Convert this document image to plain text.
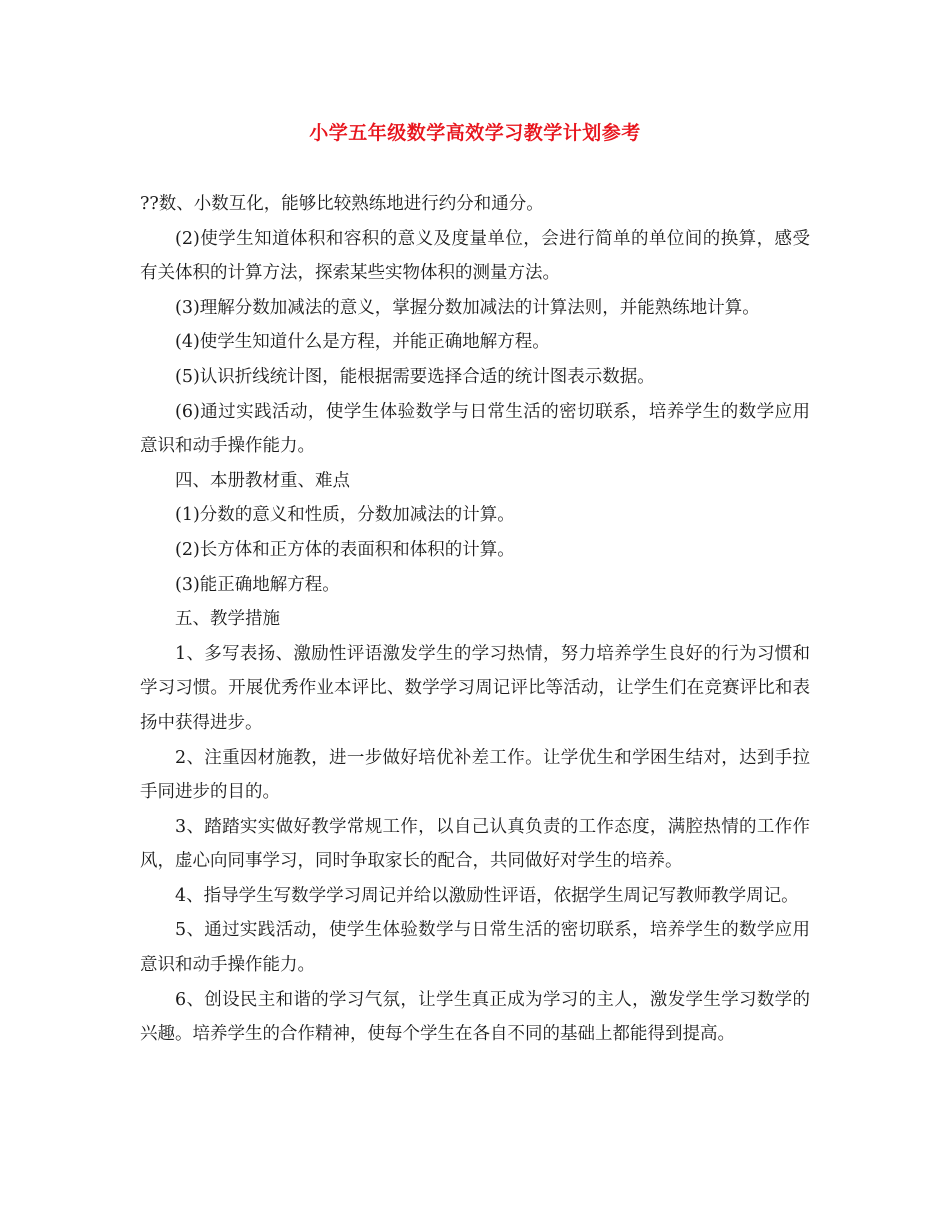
小学五年级数学高效学习教学计划参考

??数、小数互化，能够比较熟练地进行约分和通分。

(2)使学生知道体积和容积的意义及度量单位，会进行简单的单位间的换算，感受有关体积的计算方法，探索某些实物体积的测量方法。

(3)理解分数加减法的意义，掌握分数加减法的计算法则，并能熟练地计算。

(4)使学生知道什么是方程，并能正确地解方程。

(5)认识折线统计图，能根据需要选择合适的统计图表示数据。

(6)通过实践活动，使学生体验数学与日常生活的密切联系，培养学生的数学应用意识和动手操作能力。

四、本册教材重、难点

(1)分数的意义和性质，分数加减法的计算。

(2)长方体和正方体的表面积和体积的计算。

(3)能正确地解方程。

五、教学措施

1、多写表扬、激励性评语激发学生的学习热情，努力培养学生良好的行为习惯和学习习惯。开展优秀作业本评比、数学学习周记评比等活动，让学生们在竞赛评比和表扬中获得进步。

2、注重因材施教，进一步做好培优补差工作。让学优生和学困生结对，达到手拉手同进步的目的。

3、踏踏实实做好教学常规工作，以自己认真负责的工作态度，满腔热情的工作作风，虚心向同事学习，同时争取家长的配合，共同做好对学生的培养。

4、指导学生写数学学习周记并给以激励性评语，依据学生周记写教师教学周记。

5、通过实践活动，使学生体验数学与日常生活的密切联系，培养学生的数学应用意识和动手操作能力。

6、创设民主和谐的学习气氛，让学生真正成为学习的主人，激发学生学习数学的兴趣。培养学生的合作精神，使每个学生在各自不同的基础上都能得到提高。
